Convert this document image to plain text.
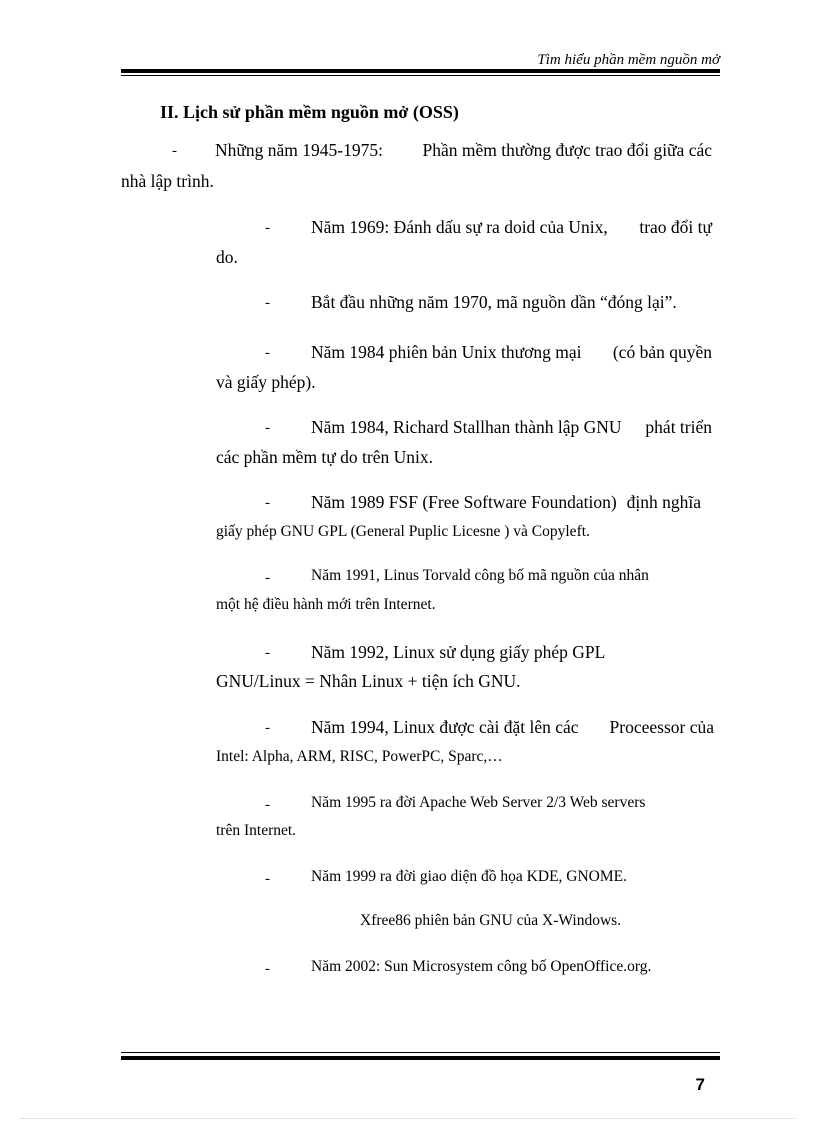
Tìm hiểu phần mềm nguồn mở
II. Lịch sử phần mềm nguồn mở (OSS)
- Những năm 1945-1975: Phần mềm thường được trao đổi giữa các
nhà lập trình.
- Năm 1969: Đánh dấu sự ra doid của Unix, trao đổi tự
do.
- Bắt đầu những năm 1970, mã nguồn dần “đóng lại”.
- Năm 1984 phiên bản Unix thương mại (có bản quyền
và giấy phép).
- Năm 1984, Richard Stallhan thành lập GNU phát triển
các phần mềm tự do trên Unix.
- Năm 1989 FSF (Free Software Foundation) định nghĩa
giấy phép GNU GPL (General Puplic Licesne ) và Copyleft.
-	Năm 1991, Linus Torvald công bố mã nguồn của nhân
một hệ điều hành mới trên Internet.
- Năm 1992, Linux sử dụng giấy phép GPL
GNU/Linux = Nhân Linux + tiện ích GNU.
- Năm 1994, Linux được cài đặt lên các Proceessor của
Intel: Alpha, ARM, RISC, PowerPC, Sparc,…
-	Năm 1995 ra đời Apache Web Server 2/3 Web servers
trên Internet.
-	Năm 1999 ra đời giao diện đồ họa KDE, GNOME.
Xfree86 phiên bản GNU của X-Windows.
-	Năm 2002: Sun Microsystem công bố OpenOffice.org.
7
